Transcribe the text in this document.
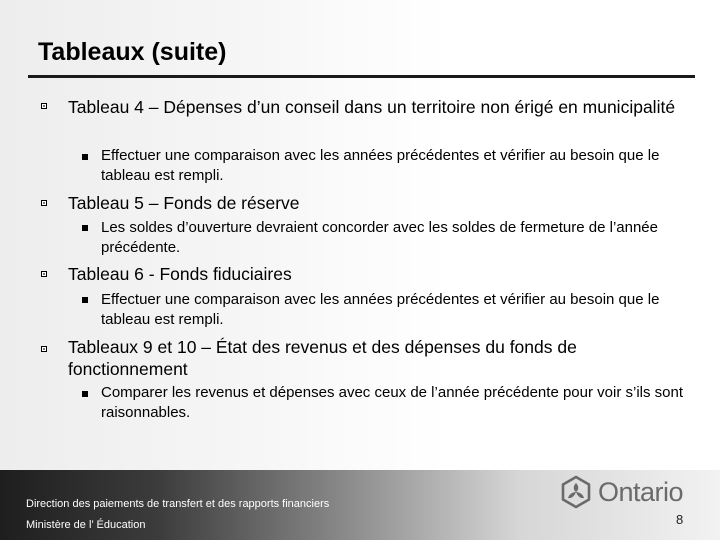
Tableaux (suite)
Tableau 4 – Dépenses d’un conseil dans un territoire non érigé en municipalité
Effectuer une comparaison avec les années précédentes et vérifier au besoin que le tableau est rempli.
Tableau 5 – Fonds de réserve
Les soldes d’ouverture devraient concorder avec les soldes de fermeture de l’année précédente.
Tableau 6 - Fonds fiduciaires
Effectuer une comparaison avec les années précédentes et vérifier au besoin que le tableau est rempli.
Tableaux 9 et 10 – État des revenus et des dépenses du fonds de fonctionnement
Comparer les revenus et dépenses avec ceux de l’année précédente pour voir s’ils sont raisonnables.
Direction des paiements de transfert et des rapports financiers
Ministère de l’ Éducation
Ontario
8
